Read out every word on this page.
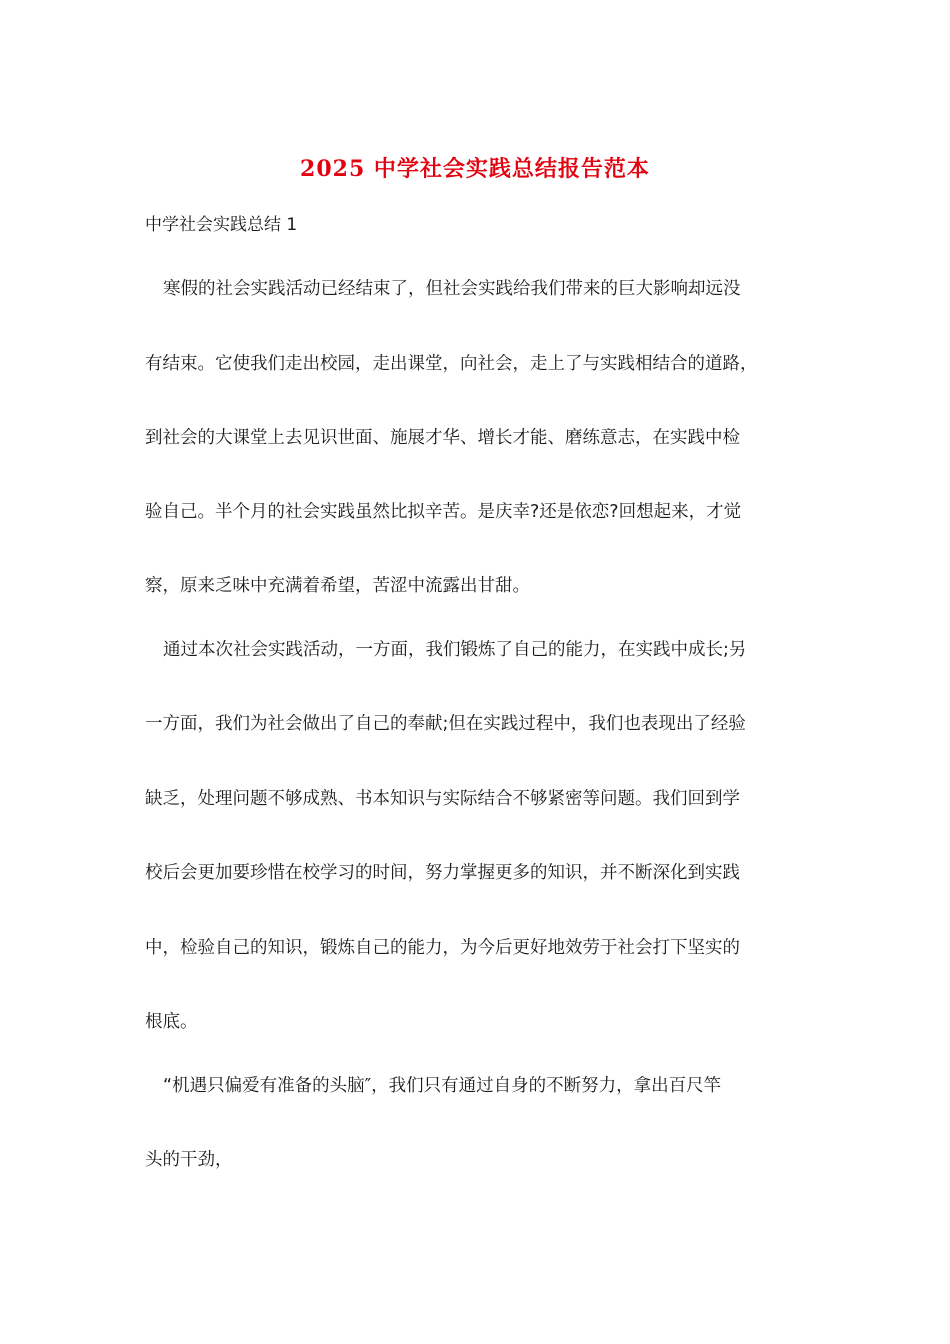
2025 中学社会实践总结报告范本
中学社会实践总结 1
寒假的社会实践活动已经结束了，但社会实践给我们带来的巨大影响却远没
有结束。它使我们走出校园，走出课堂，向社会，走上了与实践相结合的道路，
到社会的大课堂上去见识世面、施展才华、增长才能、磨练意志，在实践中检
验自己。半个月的社会实践虽然比拟辛苦。是庆幸?还是依恋?回想起来，才觉
察，原来乏味中充满着希望，苦涩中流露出甘甜。
通过本次社会实践活动，一方面，我们锻炼了自己的能力，在实践中成长;另
一方面，我们为社会做出了自己的奉献;但在实践过程中，我们也表现出了经验
缺乏，处理问题不够成熟、书本知识与实际结合不够紧密等问题。我们回到学
校后会更加要珍惜在校学习的时间，努力掌握更多的知识，并不断深化到实践
中，检验自己的知识，锻炼自己的能力，为今后更好地效劳于社会打下坚实的
根底。
“机遇只偏爱有准备的头脑″，我们只有通过自身的不断努力，拿出百尺竿
头的干劲，
